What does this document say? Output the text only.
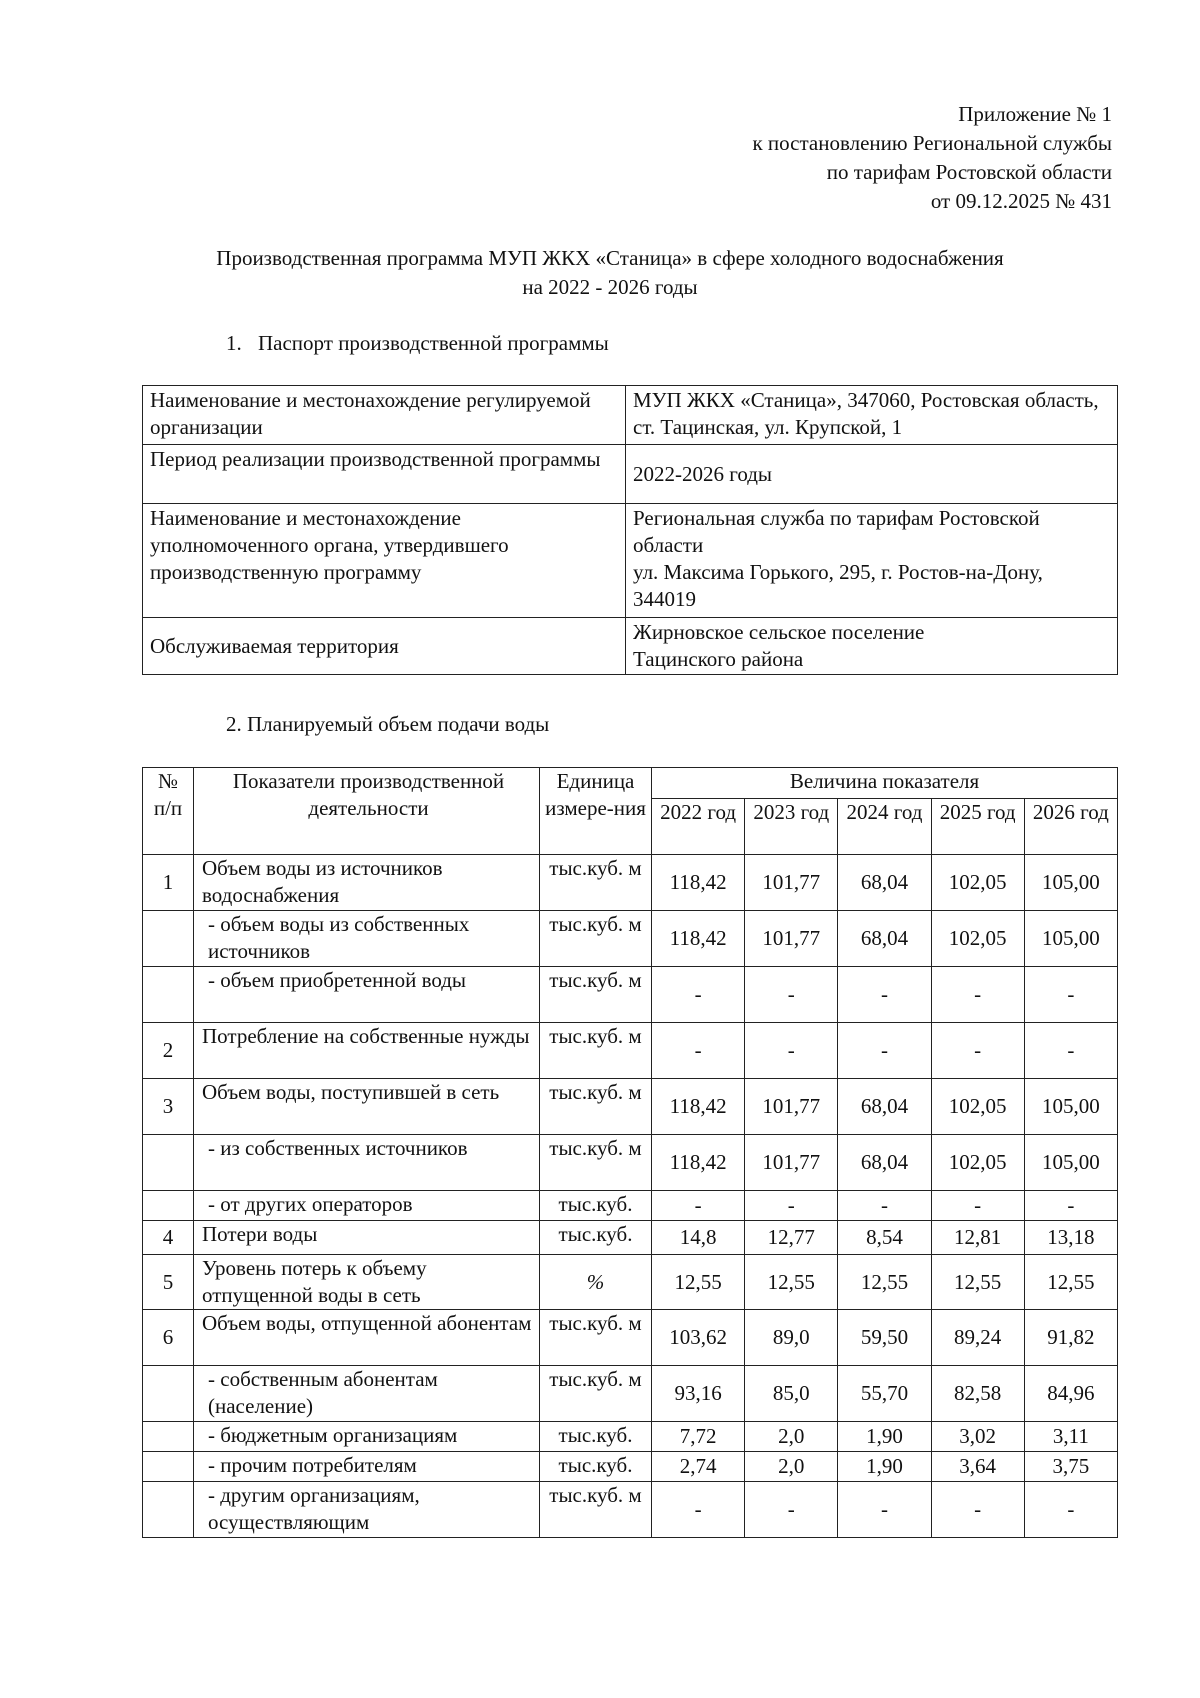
Приложение № 1
к постановлению Региональной службы
по тарифам Ростовской области
от 09.12.2025 № 431
Производственная программа МУП ЖКХ «Станица» в сфере холодного водоснабжения
на 2022 - 2026 годы
1. Паспорт производственной программы
Наименование и местонахождение регулируемой организации	МУП ЖКХ «Станица», 347060, Ростовская область, ст. Тацинская, ул. Крупской, 1
Период реализации производственной программы	2022-2026 годы
Наименование и местонахождение уполномоченного органа, утвердившего производственную программу	Региональная служба по тарифам Ростовской области
ул. Максима Горького, 295, г. Ростов-на-Дону, 344019

Обслуживаемая территория	Жирновское сельское поселение
Тацинского района
2. Планируемый объем подачи воды
№ п/п	Показатели производственной деятельности	Единица измере-ния	Величина показателя				
			2022 год	2023 год	2024 год	2025 год	2026 год
1	Объем воды из источников водоснабжения	тыс.куб. м	118,42	101,77	68,04	102,05	105,00
	- объем воды из собственных источников	тыс.куб. м	118,42	101,77	68,04	102,05	105,00
	- объем приобретенной воды	тыс.куб. м	-	-	-	-	-
2	Потребление на собственные нужды	тыс.куб. м	-	-	-	-	-
3	Объем воды, поступившей в сеть	тыс.куб. м	118,42	101,77	68,04	102,05	105,00
	- из собственных источников	тыс.куб. м	118,42	101,77	68,04	102,05	105,00
	- от других операторов	тыс.куб.	-	-	-	-	-
4	Потери воды	тыс.куб.	14,8	12,77	8,54	12,81	13,18
5	Уровень потерь к объему отпущенной воды в сеть	%	12,55	12,55	12,55	12,55	12,55
6	Объем воды, отпущенной абонентам	тыс.куб. м	103,62	89,0	59,50	89,24	91,82
	- собственным абонентам (население)	тыс.куб. м	93,16	85,0	55,70	82,58	84,96
	- бюджетным организациям	тыс.куб.	7,72	2,0	1,90	3,02	3,11
	- прочим потребителям	тыс.куб.	2,74	2,0	1,90	3,64	3,75
	- другим организациям, осуществляющим	тыс.куб. м	-	-	-	-	-
